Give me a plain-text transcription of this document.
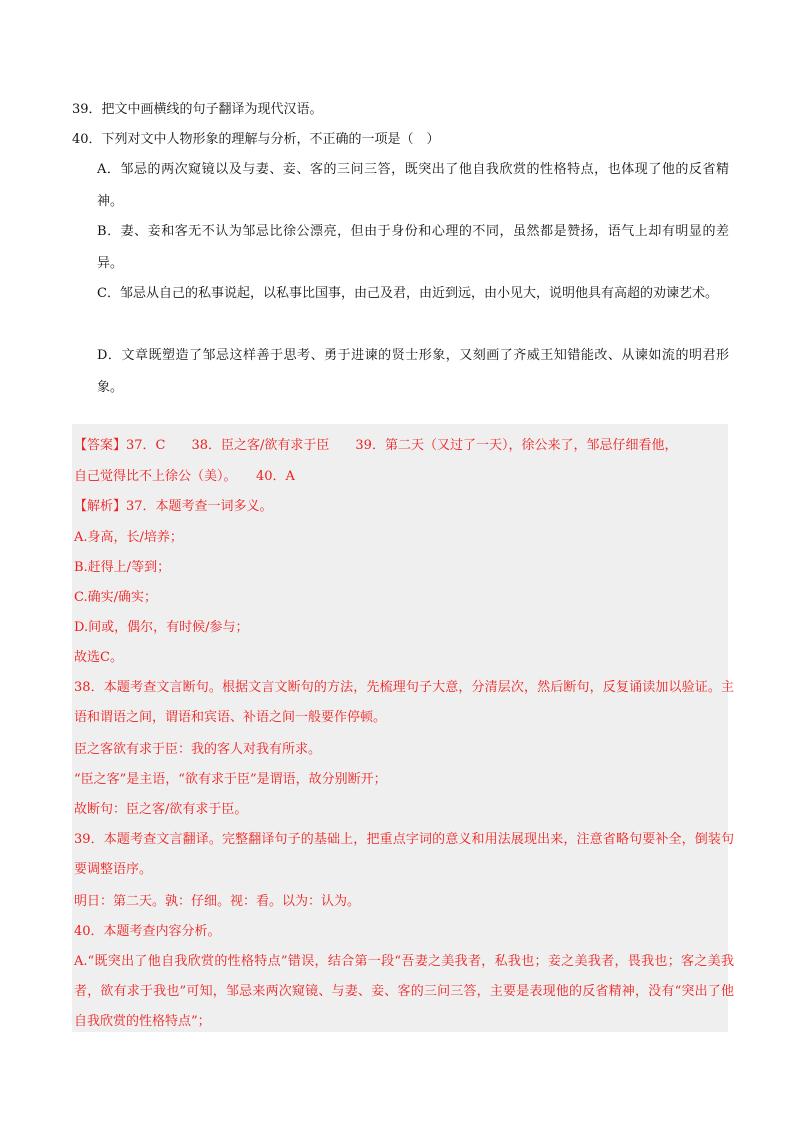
39．把文中画横线的句子翻译为现代汉语。
40．下列对文中人物形象的理解与分析，不正确的一项是（　）
A．邹忌的两次窥镜以及与妻、妾、客的三问三答，既突出了他自我欣赏的性格特点，也体现了他的反省精神。
B．妻、妾和客无不认为邹忌比徐公漂亮，但由于身份和心理的不同，虽然都是赞扬，语气上却有明显的差异。
C．邹忌从自己的私事说起，以私事比国事，由己及君，由近到远，由小见大，说明他具有高超的劝谏艺术。
D．文章既塑造了邹忌这样善于思考、勇于进谏的贤士形象，又刻画了齐威王知错能改、从谏如流的明君形象。
【答案】37．C　　38．臣之客/欲有求于臣　　39．第二天（又过了一天），徐公来了，邹忌仔细看他，
自己觉得比不上徐公（美）。　　40．A
【解析】37．本题考查一词多义。
A.身高，长/培养；
B.赶得上/等到；
C.确实/确实；
D.间或，偶尔，有时候/参与；
故选C。
38．本题考查文言断句。根据文言文断句的方法，先梳理句子大意，分清层次，然后断句，反复诵读加以验证。主语和谓语之间，谓语和宾语、补语之间一般要作停顿。
臣之客欲有求于臣：我的客人对我有所求。
“臣之客”是主语，“欲有求于臣”是谓语，故分别断开；
故断句：臣之客/欲有求于臣。
39．本题考查文言翻译。完整翻译句子的基础上，把重点字词的意义和用法展现出来，注意省略句要补全，倒装句要调整语序。
明日：第二天。孰：仔细。视：看。以为：认为。
40．本题考查内容分析。
A.“既突出了他自我欣赏的性格特点”错误，结合第一段“吾妻之美我者，私我也；妾之美我者，畏我也；客之美我者，欲有求于我也”可知，邹忌来两次窥镜、与妻、妾、客的三问三答，主要是表现他的反省精神，没有“突出了他自我欣赏的性格特点”；
